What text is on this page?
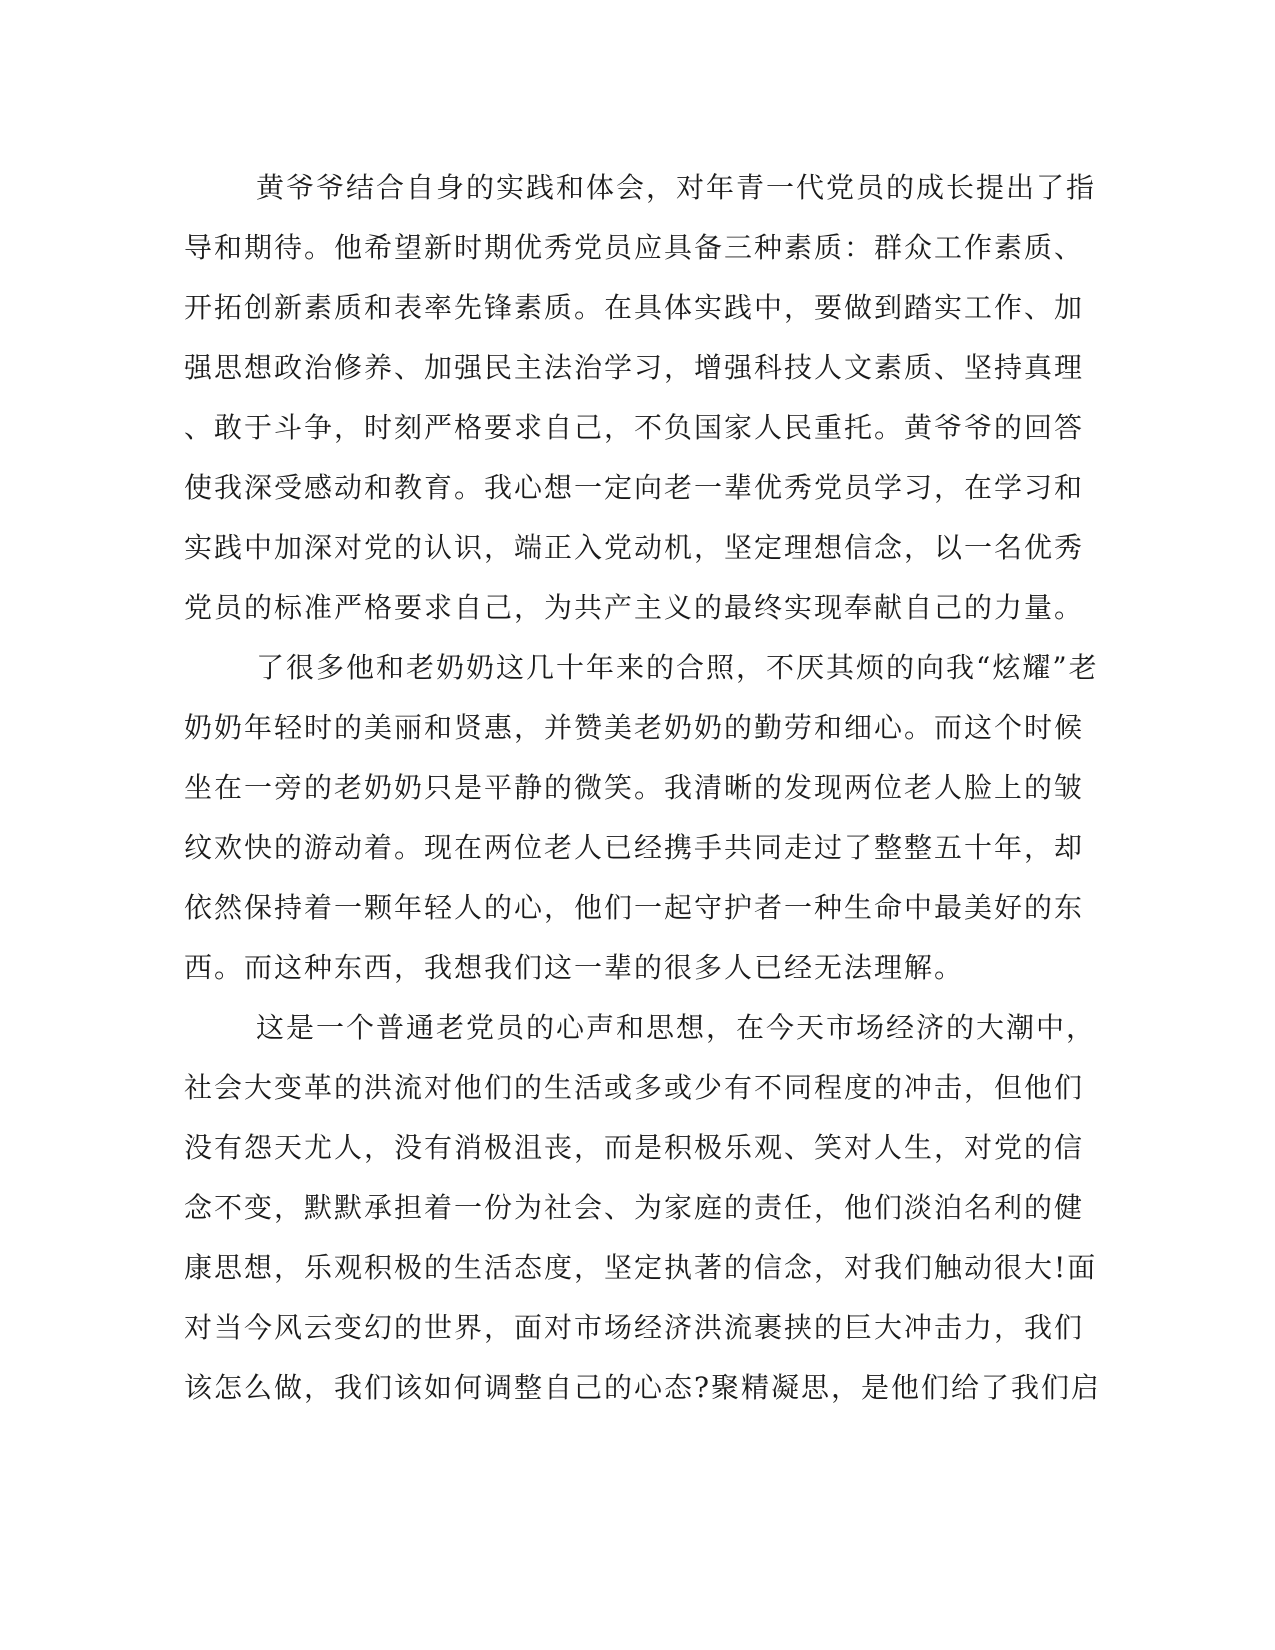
黄爷爷结合自身的实践和体会，对年青一代党员的成长提出了指
导和期待。他希望新时期优秀党员应具备三种素质：群众工作素质、
开拓创新素质和表率先锋素质。在具体实践中，要做到踏实工作、加
强思想政治修养、加强民主法治学习，增强科技人文素质、坚持真理
、敢于斗争，时刻严格要求自己，不负国家人民重托。黄爷爷的回答
使我深受感动和教育。我心想一定向老一辈优秀党员学习，在学习和
实践中加深对党的认识，端正入党动机，坚定理想信念，以一名优秀
党员的标准严格要求自己，为共产主义的最终实现奉献自己的力量。
了很多他和老奶奶这几十年来的合照，不厌其烦的向我“炫耀”老
奶奶年轻时的美丽和贤惠，并赞美老奶奶的勤劳和细心。而这个时候
坐在一旁的老奶奶只是平静的微笑。我清晰的发现两位老人脸上的皱
纹欢快的游动着。现在两位老人已经携手共同走过了整整五十年，却
依然保持着一颗年轻人的心，他们一起守护者一种生命中最美好的东
西。而这种东西，我想我们这一辈的很多人已经无法理解。
这是一个普通老党员的心声和思想，在今天市场经济的大潮中，
社会大变革的洪流对他们的生活或多或少有不同程度的冲击，但他们
没有怨天尤人，没有消极沮丧，而是积极乐观、笑对人生，对党的信
念不变，默默承担着一份为社会、为家庭的责任，他们淡泊名利的健
康思想，乐观积极的生活态度，坚定执著的信念，对我们触动很大!面
对当今风云变幻的世界，面对市场经济洪流裹挟的巨大冲击力，我们
该怎么做，我们该如何调整自己的心态?聚精凝思，是他们给了我们启
